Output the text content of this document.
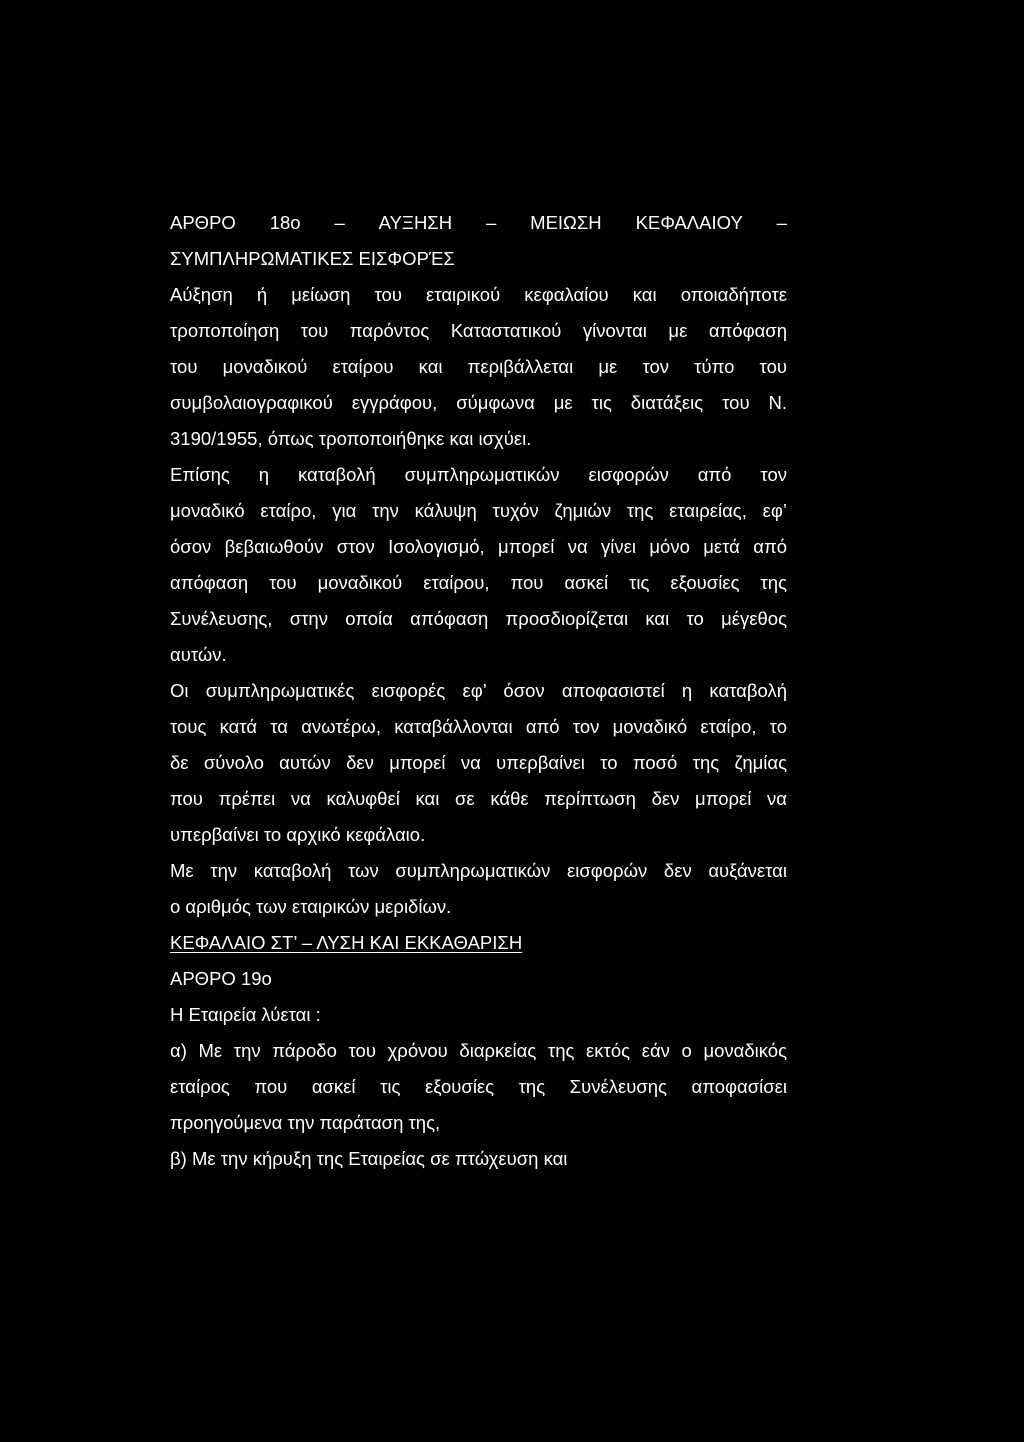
ΑΡΘΡΟ 18ο – ΑΥΞΗΣΗ – ΜΕΙΩΣΗ ΚΕΦΑΛΑΙΟΥ –
ΣΥΜΠΛΗΡΩΜΑΤΙΚΕΣ ΕΙΣΦΟΡΈΣ
Αύξηση ή μείωση του εταιρικού κεφαλαίου και οποιαδήποτε
τροποποίηση του παρόντος Καταστατικού γίνονται με απόφαση
του μοναδικού εταίρου και περιβάλλεται με τον τύπο του
συμβολαιογραφικού εγγράφου, σύμφωνα με τις διατάξεις του Ν.
3190/1955, όπως τροποποιήθηκε και ισχύει.
Επίσης η καταβολή συμπληρωματικών εισφορών από τον
μοναδικό εταίρο, για την κάλυψη τυχόν ζημιών της εταιρείας, εφ’
όσον βεβαιωθούν στον Ισολογισμό, μπορεί να γίνει μόνο μετά από
απόφαση του μοναδικού εταίρου, που ασκεί τις εξουσίες της
Συνέλευσης, στην οποία απόφαση προσδιορίζεται και το μέγεθος
αυτών.
Οι συμπληρωματικές εισφορές εφ’ όσον αποφασιστεί η καταβολή
τους κατά τα ανωτέρω, καταβάλλονται από τον μοναδικό εταίρο, το
δε σύνολο αυτών δεν μπορεί να υπερβαίνει το ποσό της ζημίας
που πρέπει να καλυφθεί και σε κάθε περίπτωση δεν μπορεί να
υπερβαίνει το αρχικό κεφάλαιο.
Με την καταβολή των συμπληρωματικών εισφορών δεν αυξάνεται
ο αριθμός των εταιρικών μεριδίων.
ΚΕΦΑΛΑΙΟ ΣΤ’ – ΛΥΣΗ ΚΑΙ ΕΚΚΑΘΑΡΙΣΗ
ΑΡΘΡΟ 19ο
Η Εταιρεία λύεται :
α) Με την πάροδο του χρόνου διαρκείας της εκτός εάν ο μοναδικός
εταίρος που ασκεί τις εξουσίες της Συνέλευσης αποφασίσει
προηγούμενα την παράταση της,
β) Με την κήρυξη της Εταιρείας σε πτώχευση και
